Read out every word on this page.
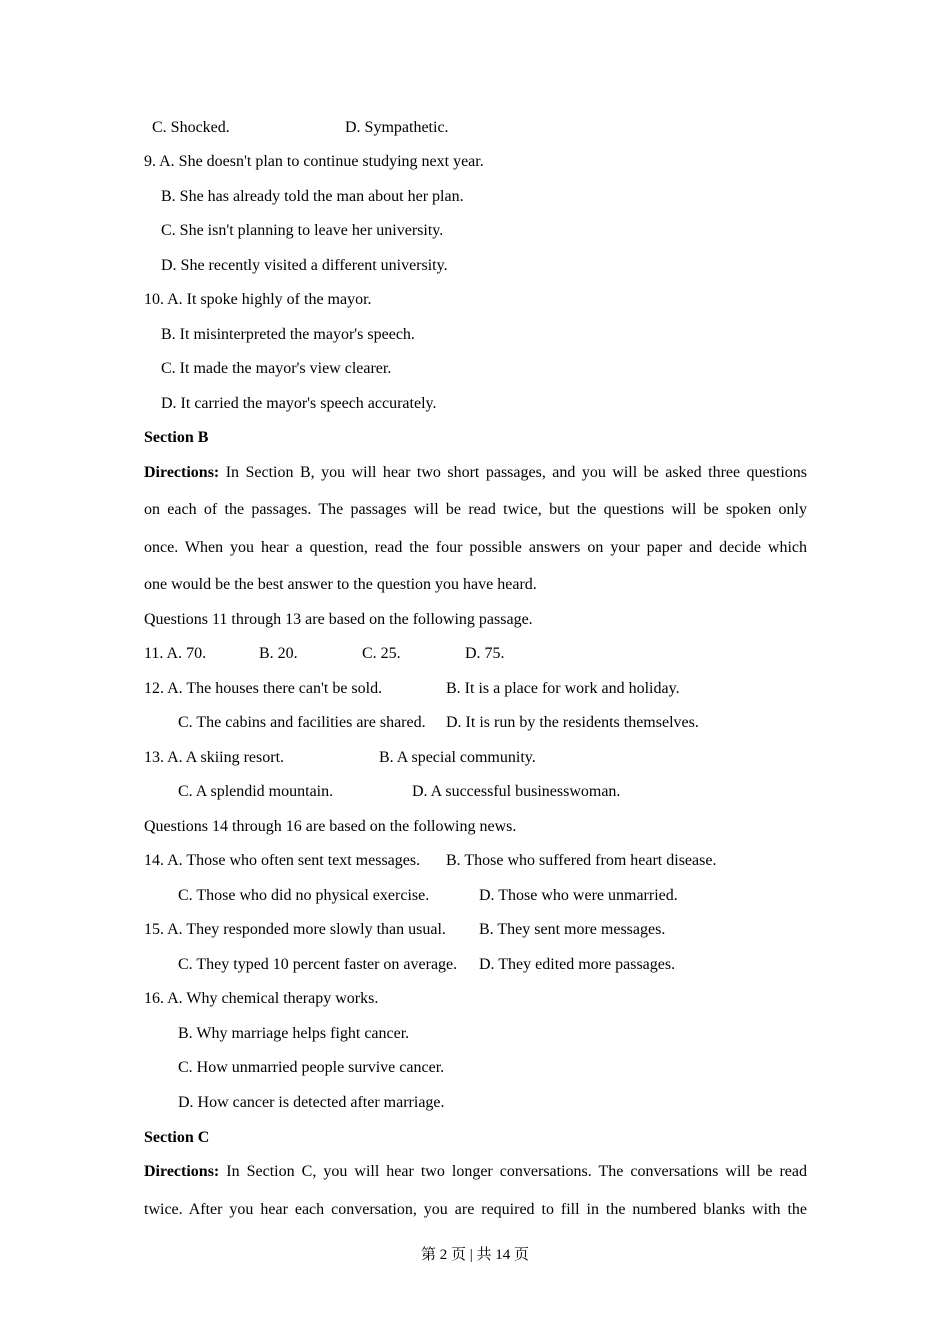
C. Shocked.	D. Sympathetic.
9. A. She doesn't plan to continue studying next year.
B. She has already told the man about her plan.
C. She isn't planning to leave her university.
D. She recently visited a different university.
10. A. It spoke highly of the mayor.
B. It misinterpreted the mayor's speech.
C. It made the mayor's view clearer.
D. It carried the mayor's speech accurately.
Section B
Directions: In Section B, you will hear two short passages, and you will be asked three questions
on each of the passages. The passages will be read twice, but the questions will be spoken only
once. When you hear a question, read the four possible answers on your paper and decide which
one would be the best answer to the question you have heard.
Questions 11 through 13 are based on the following passage.
11. A. 70.	B. 20.	C. 25.	D. 75.
12. A. The houses there can't be sold.	B. It is a place for work and holiday.
C. The cabins and facilities are shared. D. It is run by the residents themselves.
13. A. A skiing resort.	B. A special community.
C. A splendid mountain.	D. A successful businesswoman.
Questions 14 through 16 are based on the following news.
14. A. Those who often sent text messages. B. Those who suffered from heart disease.
C. Those who did no physical exercise.	D. Those who were unmarried.
15. A. They responded more slowly than usual. B. They sent more messages.
C. They typed 10 percent faster on average. D. They edited more passages.
16. A. Why chemical therapy works.
B. Why marriage helps fight cancer.
C. How unmarried people survive cancer.
D. How cancer is detected after marriage.
Section C
Directions: In Section C, you will hear two longer conversations. The conversations will be read
twice. After you hear each conversation, you are required to fill in the numbered blanks with the
第 2 页 | 共 14 页
